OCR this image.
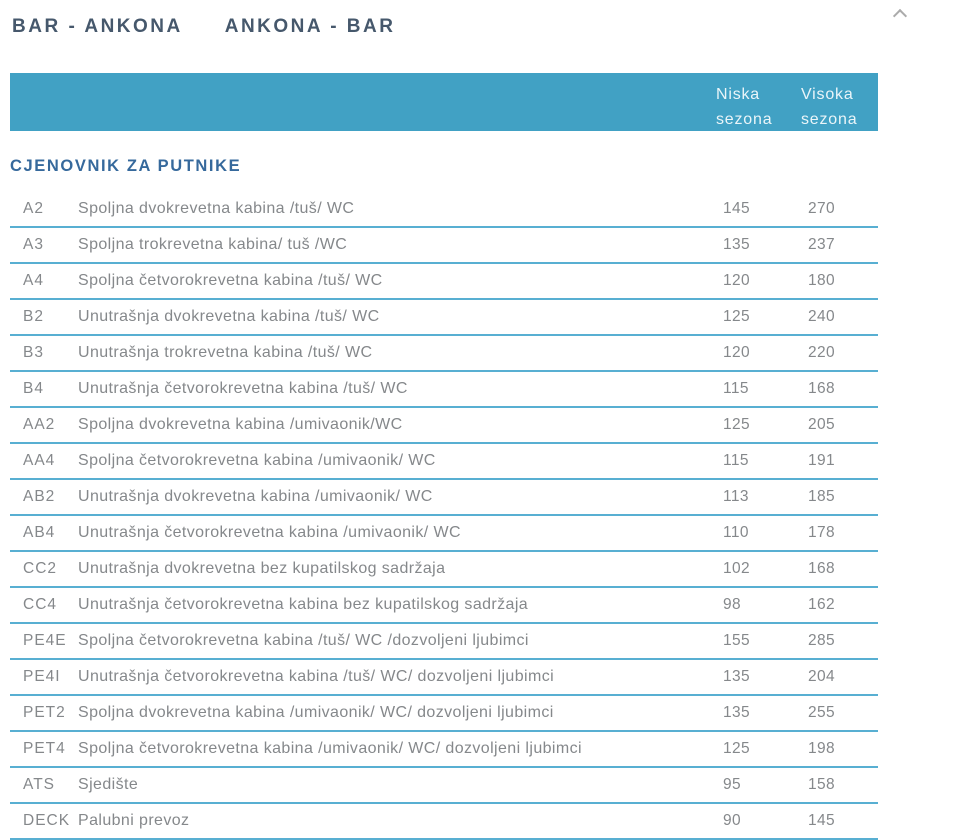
BAR - ANKONA ANKONA - BAR
Niska sezona
Visoka sezona
CJENOVNIK ZA PUTNIKE
A2	Spoljna dvokrevetna kabina /tuš/ WC	145	270
A3	Spoljna trokrevetna kabina/ tuš /WC	135	237
A4	Spoljna četvorokrevetna kabina /tuš/ WC	120	180
B2	Unutrašnja dvokrevetna kabina /tuš/ WC	125	240
B3	Unutrašnja trokrevetna kabina /tuš/ WC	120	220
B4	Unutrašnja četvorokrevetna kabina /tuš/ WC	115	168
AA2	Spoljna dvokrevetna kabina /umivaonik/WC	125	205
AA4	Spoljna četvorokrevetna kabina /umivaonik/ WC	115	191
AB2	Unutrašnja dvokrevetna kabina /umivaonik/ WC	113	185
AB4	Unutrašnja četvorokrevetna kabina /umivaonik/ WC	110	178
CC2	Unutrašnja dvokrevetna bez kupatilskog sadržaja	102	168
CC4	Unutrašnja četvorokrevetna kabina bez kupatilskog sadržaja	98	162
PE4E Spoljna četvorokrevetna kabina /tuš/ WC /dozvoljeni ljubimci	155	285
PE4I	Unutrašnja četvorokrevetna kabina /tuš/ WC/ dozvoljeni ljubimci	135	204
PET2 Spoljna dvokrevetna kabina /umivaonik/ WC/ dozvoljeni ljubimci	135	255
PET4 Spoljna četvorokrevetna kabina /umivaonik/ WC/ dozvoljeni ljubimci	125	198
ATS	Sjedište	95	158
DECK Palubni prevoz	90	145
